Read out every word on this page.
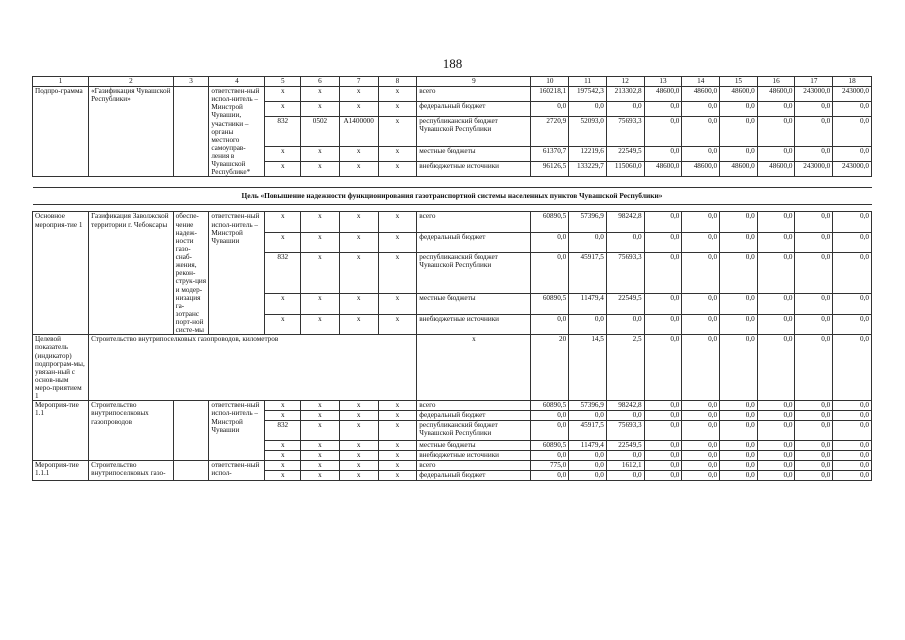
188
1	2	3	4	5	6	7	8	9	10	11	12	13	14	15	16	17	18
Подпро-грамма	«Газификация Чувашской Республики»		ответствен-ный испол-нитель – Минстрой Чувашии, участники – органы местного самоуправ-ления в Чувашской Республике*	х	х	х	х	всего	160218,1	197542,3	213302,8	48600,0	48600,0	48600,0	48600,0	243000,0	243000,0
				х	х	х	х	федеральный бюджет	0,0	0,0	0,0	0,0	0,0	0,0	0,0	0,0	0,0
				832	0502	А1400000	х	республиканский бюджет Чувашской Республики	2720,9	52093,0	75693,3	0,0	0,0	0,0	0,0	0,0	0,0
				х	х	х	х	местные бюджеты	61370,7	12219,6	22549,5	0,0	0,0	0,0	0,0	0,0	0,0
				х	х	х	х	внебюджетные источники	96126,5	133229,7	115060,0	48600,0	48600,0	48600,0	48600,0	243000,0	243000,0

Цель «Повышение надежности функционирования газотранспортной системы населенных пунктов Чувашской Республики»																	

Основное мероприя-тие 1	Газификация Заволжской территории г. Чебоксары	обеспе-чение надеж-ности газо-снаб-жения, рекон-струк-ция и модер-низация га-зотранс порт-ной систе-мы	ответствен-ный испол-нитель – Минстрой Чувашии	х	х	х	х	всего	60890,5	57396,9	98242,8	0,0	0,0	0,0	0,0	0,0	0,0
				х	х	х	х	федеральный бюджет	0,0	0,0	0,0	0,0	0,0	0,0	0,0	0,0	0,0
				832	х	х	х	республиканский бюджет Чувашской Республики	0,0	45917,5	75693,3	0,0	0,0	0,0	0,0	0,0	0,0
				х	х	х	х	местные бюджеты	60890,5	11479,4	22549,5	0,0	0,0	0,0	0,0	0,0	0,0
				х	х	х	х	внебюджетные источники	0,0	0,0	0,0	0,0	0,0	0,0	0,0	0,0	0,0
Целевой показатель (индикатор) подпрограм-мы, увязан-ный с основ-ным меро-приятием 1	Строительство внутрипоселковых газопроводов, километров							х	20	14,5	2,5	0,0	0,0	0,0	0,0	0,0	0,0
Мероприя-тие 1.1	Строительство внутрипоселковых газопроводов		ответствен-ный испол-нитель – Минстрой Чувашии	х	х	х	х	всего	60890,5	57396,9	98242,8	0,0	0,0	0,0	0,0	0,0	0,0
				х	х	х	х	федеральный бюджет	0,0	0,0	0,0	0,0	0,0	0,0	0,0	0,0	0,0
				832	х	х	х	республиканский бюджет Чувашской Республики	0,0	45917,5	75693,3	0,0	0,0	0,0	0,0	0,0	0,0
				х	х	х	х	местные бюджеты	60890,5	11479,4	22549,5	0,0	0,0	0,0	0,0	0,0	0,0
				х	х	х	х	внебюджетные источники	0,0	0,0	0,0	0,0	0,0	0,0	0,0	0,0	0,0
Мероприя-тие 1.1.1	Строительство внутрипоселковых газо-		ответствен-ный испол-	х	х	х	х	всего	775,0	0,0	1612,1	0,0	0,0	0,0	0,0	0,0	0,0
				х	х	х	х	федеральный бюджет	0,0	0,0	0,0	0,0	0,0	0,0	0,0	0,0	0,0
